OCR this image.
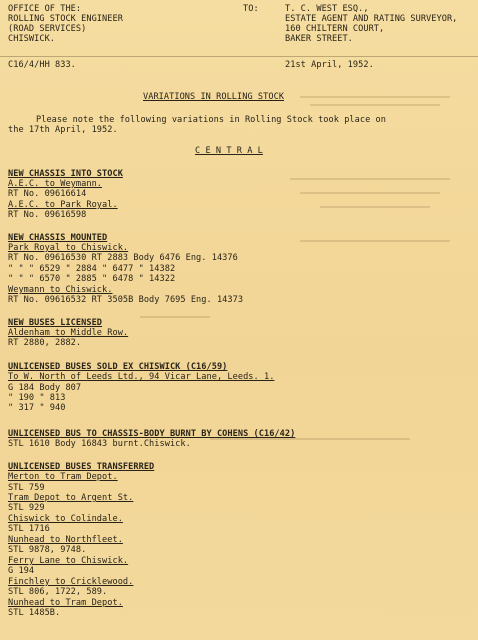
OFFICE OF THE:
ROLLING STOCK ENGINEER
(ROAD SERVICES)
CHISWICK.
TO:	T. C. WEST ESQ.,
ESTATE AGENT AND RATING SURVEYOR,
160 CHILTERN COURT,
BAKER STREET.
C16/4/HH 833.	21st April, 1952.
VARIATIONS IN ROLLING STOCK
Please note the following variations in Rolling Stock took place on
the 17th April, 1952.
C E N T R A L
NEW CHASSIS INTO STOCK
A.E.C. to Weymann.
RT No. 09616614
A.E.C. to Park Royal.
RT No. 09616598
NEW CHASSIS MOUNTED
Park Royal to Chiswick.
RT No. 09616530 RT 2883 Body 6476 Eng. 14376
" " " 6529 " 2884 " 6477 " 14382
" " " 6570 " 2885 " 6478 " 14322
Weymann to Chiswick.
RT No. 09616532 RT 3505B Body 7695 Eng. 14373
NEW BUSES LICENSED
Aldenham to Middle Row.
RT 2880, 2882.
UNLICENSED BUSES SOLD EX CHISWICK (C16/59)
To W. North of Leeds Ltd., 94 Vicar Lane, Leeds. 1.
G 184 Body 807
" 190 " 813
" 317 " 940
UNLICENSED BUS TO CHASSIS-BODY BURNT BY COHENS (C16/42)
STL 1610 Body 16843 burnt.Chiswick.
UNLICENSED BUSES TRANSFERRED
Merton to Tram Depot.
STL 759
Tram Depot to Argent St.
STL 929
Chiswick to Colindale.
STL 1716
Nunhead to Northfleet.
STL 9878, 9748.
Ferry Lane to Chiswick.
G 194
Finchley to Cricklewood.
STL 806, 1722, 589.
Nunhead to Tram Depot.
STL 1485B.
